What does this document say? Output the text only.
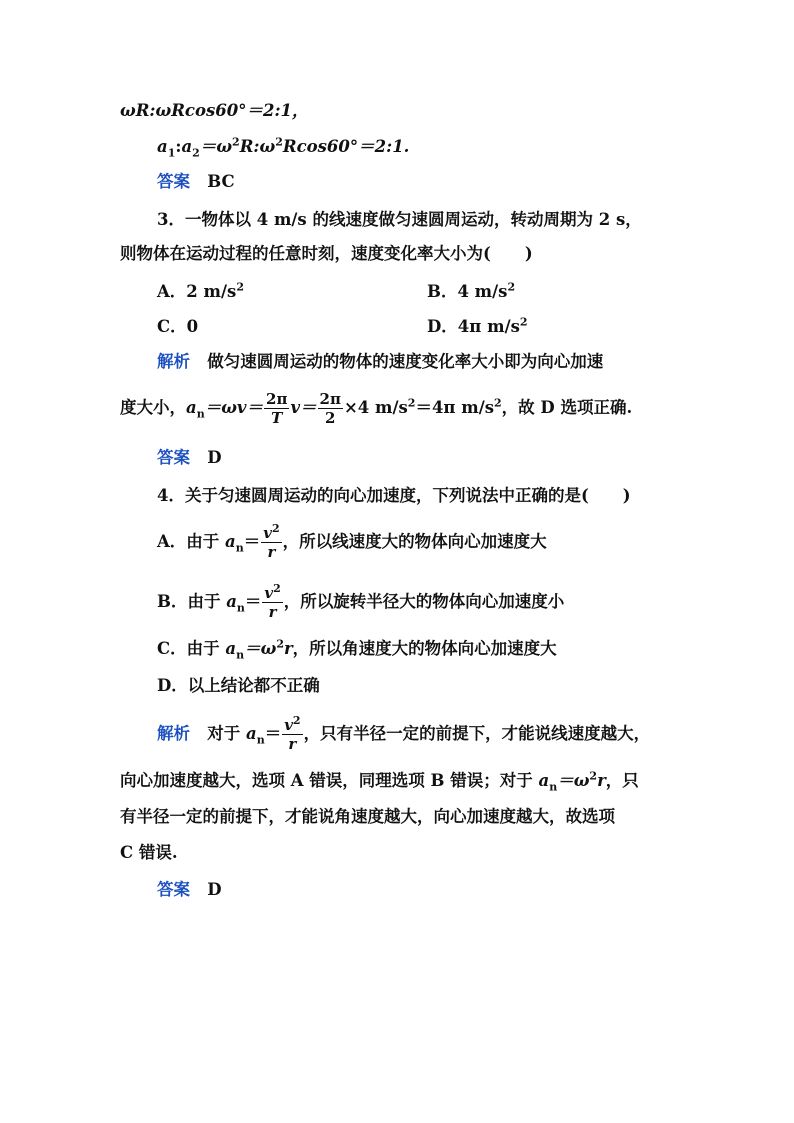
ωR:ωRcos60°＝2:1，
$a_1:a_2=\omega^2R:\omega^2Rcos60^\circ=2:1$.
答案 BC
3．一物体以 4 m/s 的线速度做匀速圆周运动，转动周期为 2 s，
则物体在运动过程的任意时刻，速度变化率大小为( )
A．2 $m/s^2$	B．4 $m/s^2$
C．0	D．4π $m/s^2$
解析 做匀速圆周运动的物体的速度变化率大小即为向心加速
度大小，$a_n=\omega v= \frac{2\pi}{T} v= \frac{2\pi}{2} \times 4$ $m/s^2=4\pi$ $m/s^2$，故 D 选项正确.
答案 D
4．关于匀速圆周运动的向心加速度，下列说法中正确的是( )
A．由于 $a_n= \frac{v^2}{r}$ ，所以线速度大的物体向心加速度大
B．由于 $a_n= \frac{v^2}{r}$ ，所以旋转半径大的物体向心加速度小
C．由于 $a_n=\omega^2r$，所以角速度大的物体向心加速度大
D．以上结论都不正确
解析 对于 $a_n= \frac{v^2}{r}$ ，只有半径一定的前提下，才能说线速度越大，
向心加速度越大，选项 A 错误，同理选项 B 错误；对于 $a_n=\omega^2r$，只
有半径一定的前提下，才能说角速度越大，向心加速度越大，故选项
C 错误.
答案 D
